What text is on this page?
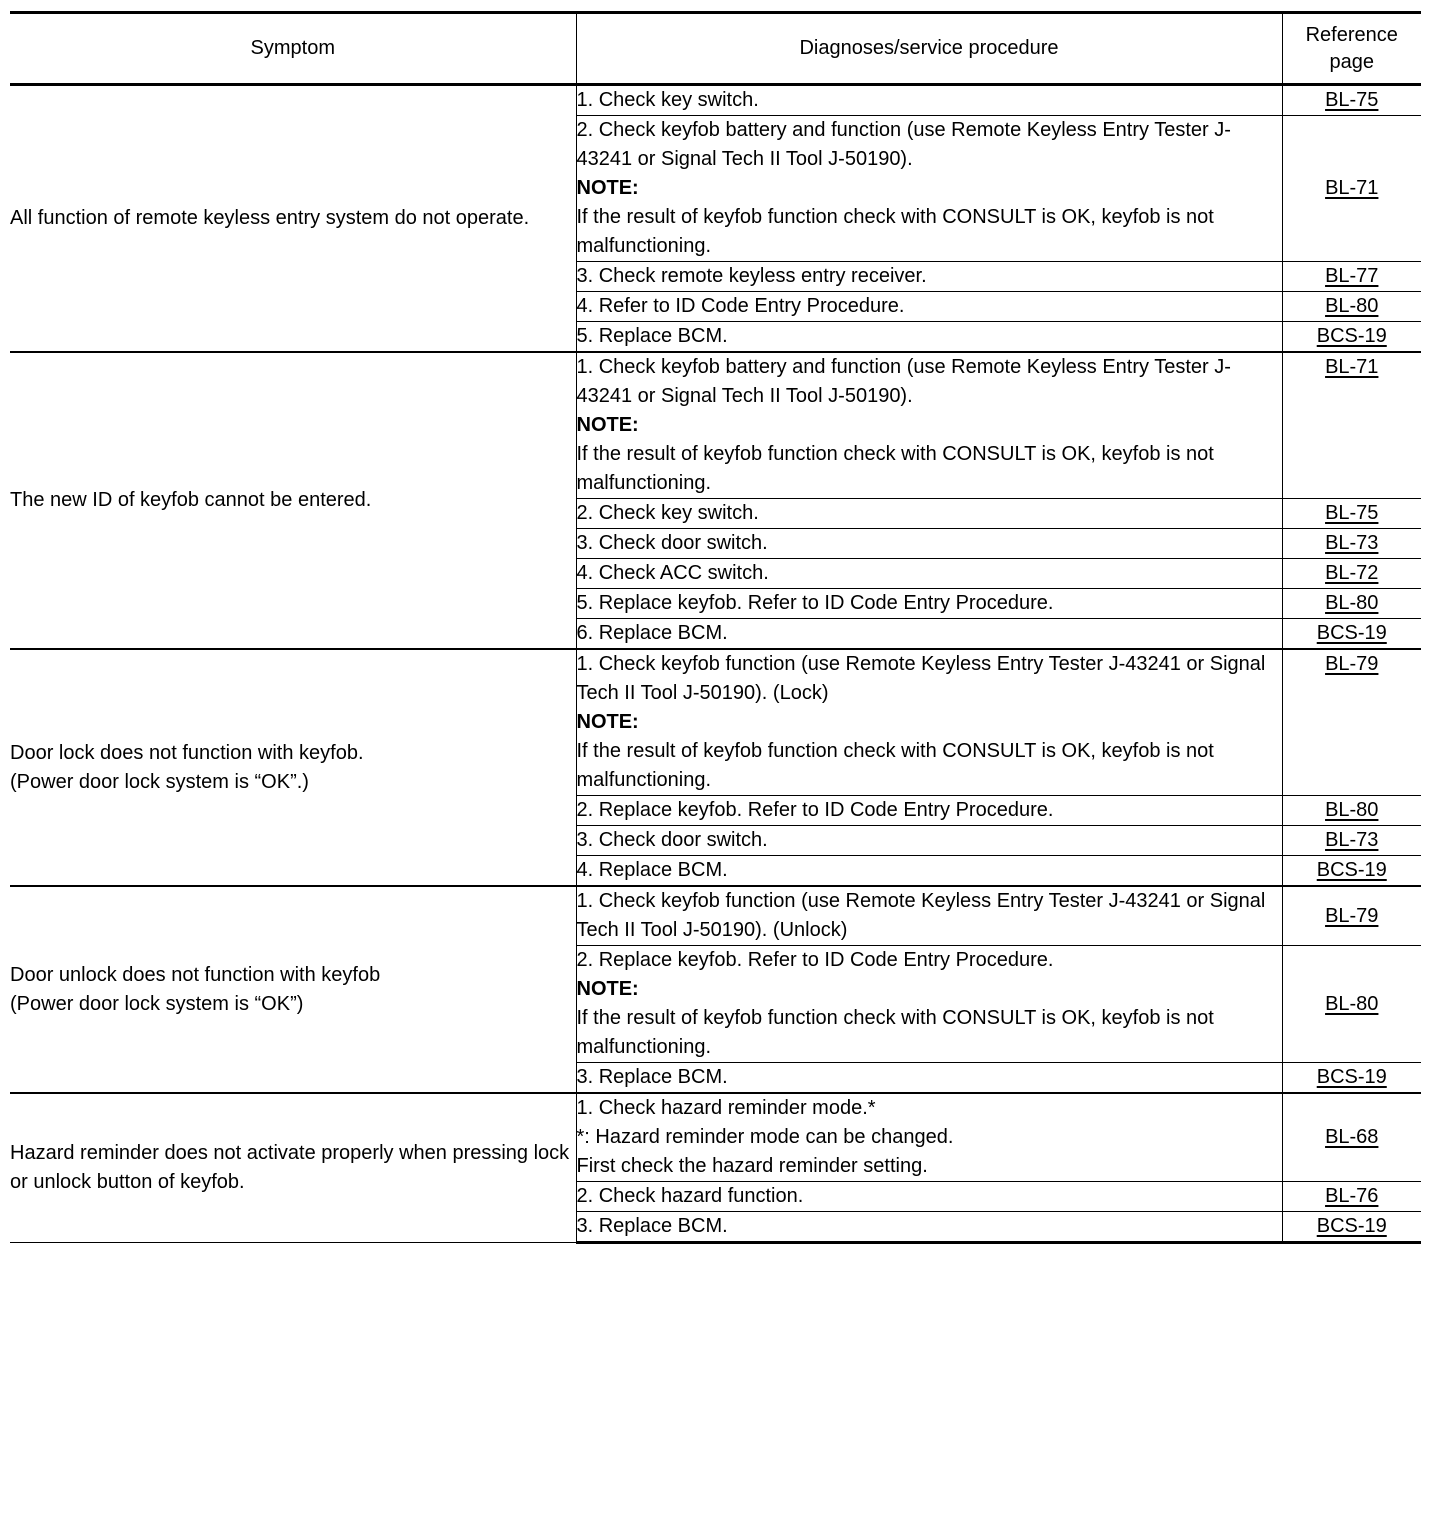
Symptom	Diagnoses/service procedure	Reference page
All function of remote keyless entry system do not operate.	1. Check key switch.	BL-75

	2. Check keyfob battery and function (use Remote Keyless Entry Tester J-43241 or Signal Tech II Tool J-50190).
NOTE:
If the result of keyfob function check with CONSULT is OK, keyfob is not malfunctioning.	BL-71

	3. Check remote keyless entry receiver.	BL-77

	4. Refer to ID Code Entry Procedure.	BL-80

	5. Replace BCM.	BCS-19
The new ID of keyfob cannot be entered.	1. Check keyfob battery and function (use Remote Keyless Entry Tester J-43241 or Signal Tech II Tool J-50190).
NOTE:
If the result of keyfob function check with CONSULT is OK, keyfob is not malfunctioning.	BL-71

	2. Check key switch.	BL-75

	3. Check door switch.	BL-73

	4. Check ACC switch.	BL-72

	5. Replace keyfob. Refer to ID Code Entry Procedure.	BL-80

	6. Replace BCM.	BCS-19

Door lock does not function with keyfob.
(Power door lock system is “OK”.)	1. Check keyfob function (use Remote Keyless Entry Tester J-43241 or Signal Tech II Tool J-50190). (Lock)
NOTE:
If the result of keyfob function check with CONSULT is OK, keyfob is not malfunctioning.	BL-79

	2. Replace keyfob. Refer to ID Code Entry Procedure.	BL-80

	3. Check door switch.	BL-73

	4. Replace BCM.	BCS-19

Door unlock does not function with keyfob
(Power door lock system is “OK”)	1. Check keyfob function (use Remote Keyless Entry Tester J-43241 or Signal Tech II Tool J-50190). (Unlock)	BL-79

	2. Replace keyfob. Refer to ID Code Entry Procedure.
NOTE:
If the result of keyfob function check with CONSULT is OK, keyfob is not malfunctioning.	BL-80

	3. Replace BCM.	BCS-19
Hazard reminder does not activate properly when pressing lock or unlock button of keyfob.	1. Check hazard reminder mode.*
*: Hazard reminder mode can be changed.
First check the hazard reminder setting.	BL-68

	2. Check hazard function.	BL-76

	3. Replace BCM.	BCS-19
